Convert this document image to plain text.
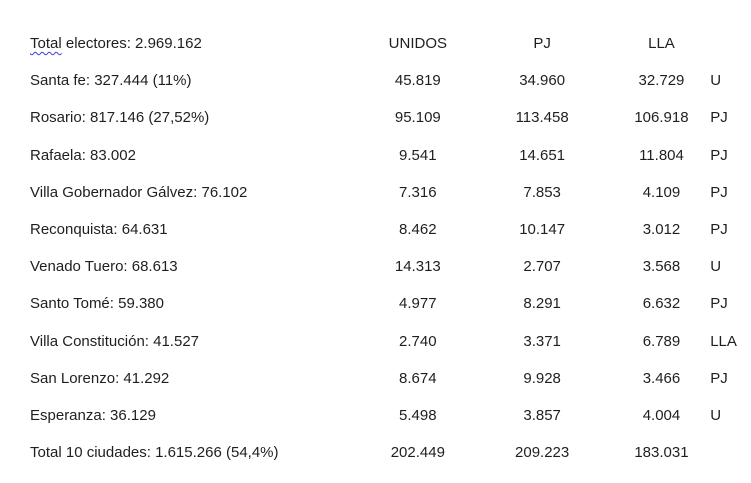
Total electores: 2.969.162	UNIDOS	PJ	LLA
Santa fe: 327.444 (11%)	45.819	34.960	32.729	U
Rosario: 817.146 (27,52%)	95.109	113.458	106.918	PJ
Rafaela: 83.002	9.541	14.651	11.804	PJ
Villa Gobernador Gálvez: 76.102	7.316	7.853	4.109	PJ
Reconquista: 64.631	8.462	10.147	3.012	PJ
Venado Tuero: 68.613	14.313	2.707	3.568	U
Santo Tomé: 59.380	4.977	8.291	6.632	PJ
Villa Constitución: 41.527	2.740	3.371	6.789	LLA
San Lorenzo: 41.292	8.674	9.928	3.466	PJ
Esperanza: 36.129	5.498	3.857	4.004	U
Total 10 ciudades: 1.615.266 (54,4%)	202.449	209.223	183.031
